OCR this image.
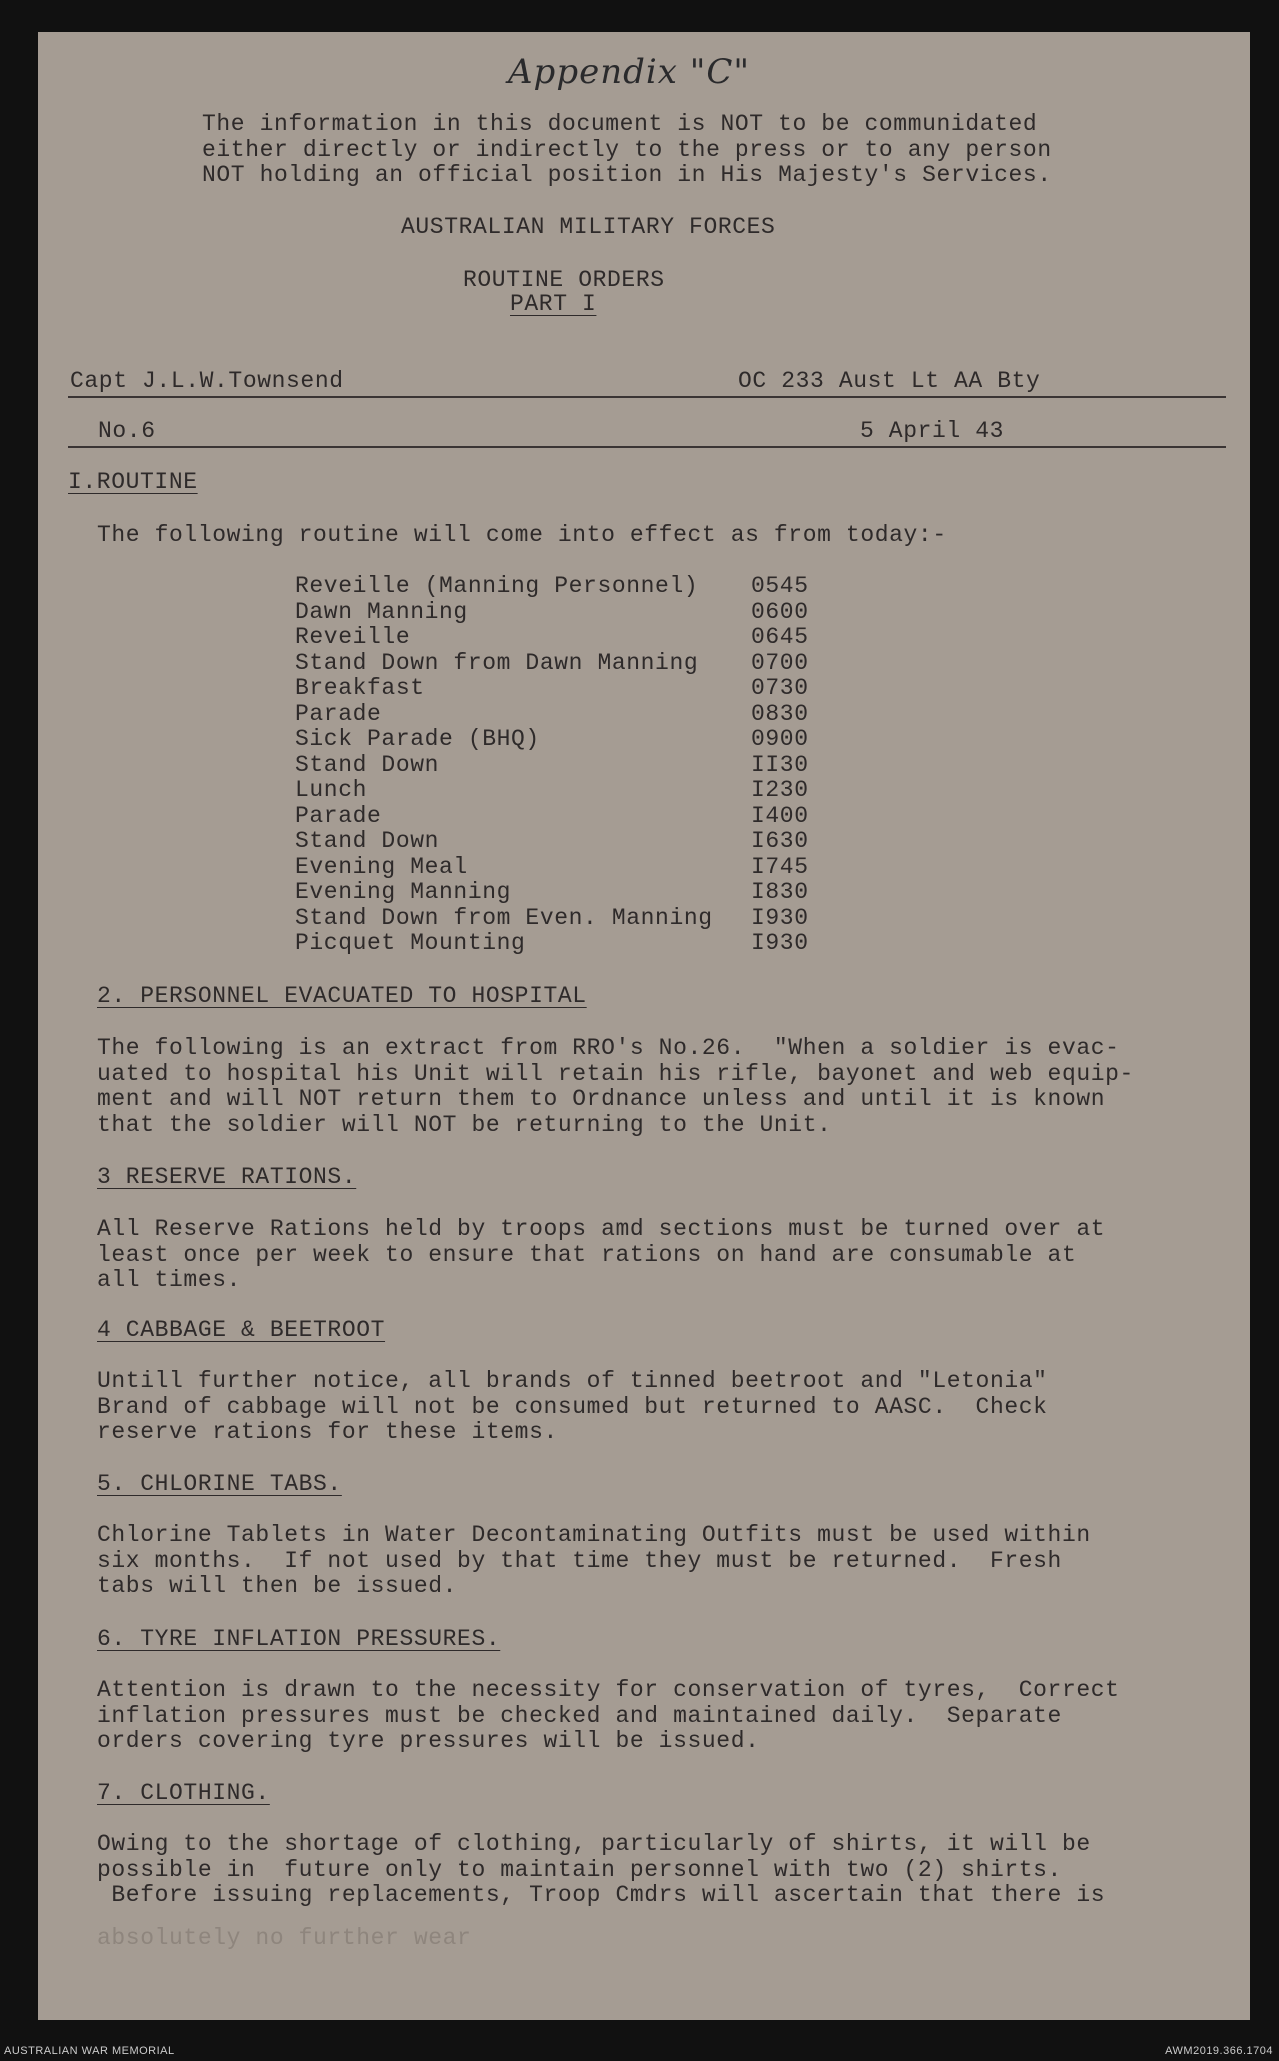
Appendix "C"
The information in this document is NOT to be communidated
either directly or indirectly to the press or to any person
NOT holding an official position in His Majesty's Services.
AUSTRALIAN MILITARY FORCES
ROUTINE ORDERS
PART I
Capt J.L.W.Townsend	OC 233 Aust Lt AA Bty
No.6	5 April 43
I.ROUTINE
The following routine will come into effect as from today:-
Reveille (Manning Personnel)	0545
Dawn Manning	0600
Reveille	0645
Stand Down from Dawn Manning	0700
Breakfast	0730
Parade	0830
Sick Parade (BHQ)	0900
Stand Down	II30
Lunch	I230
Parade	I400
Stand Down	I630
Evening Meal	I745
Evening Manning	I830
Stand Down from Even. Manning	I930
Picquet Mounting	I930
2. PERSONNEL EVACUATED TO HOSPITAL
The following is an extract from RRO's No.26.  "When a soldier is evac-
uated to hospital his Unit will retain his rifle, bayonet and web equip-
ment and will NOT return them to Ordnance unless and until it is known
that the soldier will NOT be returning to the Unit.
3 RESERVE RATIONS.
All Reserve Rations held by troops amd sections must be turned over at
least once per week to ensure that rations on hand are consumable at
all times.
4 CABBAGE & BEETROOT
Untill further notice, all brands of tinned beetroot and "Letonia"
Brand of cabbage will not be consumed but returned to AASC.  Check
reserve rations for these items.
5. CHLORINE TABS.
Chlorine Tablets in Water Decontaminating Outfits must be used within
six months.  If not used by that time they must be returned.  Fresh
tabs will then be issued.
6. TYRE INFLATION PRESSURES.
Attention is drawn to the necessity for conservation of tyres,  Correct
inflation pressures must be checked and maintained daily.  Separate
orders covering tyre pressures will be issued.
7. CLOTHING.
Owing to the shortage of clothing, particularly of shirts, it will be
possible in  future only to maintain personnel with two (2) shirts.
Before issuing replacements, Troop Cmdrs will ascertain that there is
absolutely no further wear
AUSTRALIAN WAR MEMORIAL	AWM2019.366.1704
